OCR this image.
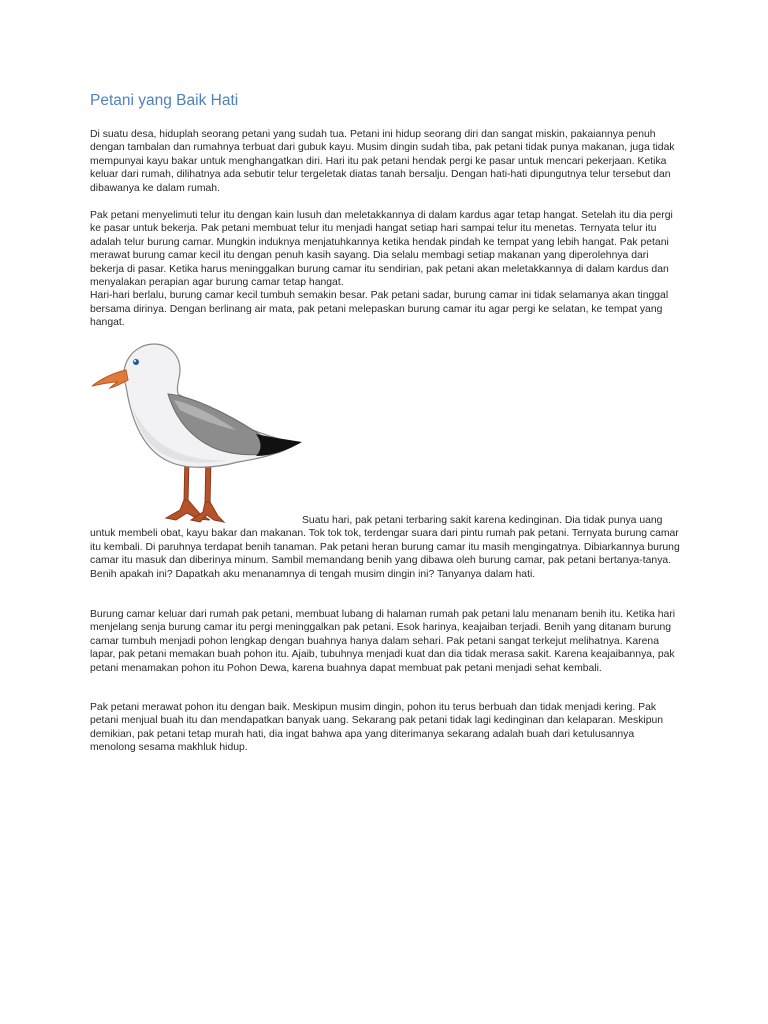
Petani yang Baik Hati

Di suatu desa, hiduplah seorang petani yang sudah tua. Petani ini hidup seorang diri dan sangat miskin, pakaiannya penuh dengan tambalan dan rumahnya terbuat dari gubuk kayu. Musim dingin sudah tiba, pak petani tidak punya makanan, juga tidak mempunyai kayu bakar untuk menghangatkan diri. Hari itu pak petani hendak pergi ke pasar untuk mencari pekerjaan. Ketika keluar dari rumah, dilihatnya ada sebutir telur tergeletak diatas tanah bersalju. Dengan hati-hati dipungutnya telur tersebut dan dibawanya ke dalam rumah.

Pak petani menyelimuti telur itu dengan kain lusuh dan meletakkannya di dalam kardus agar tetap hangat. Setelah itu dia pergi ke pasar untuk bekerja. Pak petani membuat telur itu menjadi hangat setiap hari sampai telur itu menetas. Ternyata telur itu adalah telur burung camar. Mungkin induknya menjatuhkannya ketika hendak pindah ke tempat yang lebih hangat. Pak petani merawat burung camar kecil itu dengan penuh kasih sayang. Dia selalu membagi setiap makanan yang diperolehnya dari bekerja di pasar. Ketika harus meninggalkan burung camar itu sendirian, pak petani akan meletakkannya di dalam kardus dan menyalakan perapian agar burung camar tetap hangat.
Hari-hari berlalu, burung camar kecil tumbuh semakin besar. Pak petani sadar, burung camar ini tidak selamanya akan tinggal bersama dirinya. Dengan berlinang air mata, pak petani melepaskan burung camar itu agar pergi ke selatan, ke tempat yang hangat.

Suatu hari, pak petani terbaring sakit karena kedinginan. Dia tidak punya uang untuk membeli obat, kayu bakar dan makanan. Tok tok tok, terdengar suara dari pintu rumah pak petani. Ternyata burung camar itu kembali. Di paruhnya terdapat benih tanaman. Pak petani heran burung camar itu masih mengingatnya. Dibiarkannya burung camar itu masuk dan diberinya minum. Sambil memandang benih yang dibawa oleh burung camar, pak petani bertanya-tanya. Benih apakah ini? Dapatkah aku menanamnya di tengah musim dingin ini? Tanyanya dalam hati.

Burung camar keluar dari rumah pak petani, membuat lubang di halaman rumah pak petani lalu menanam benih itu. Ketika hari menjelang senja burung camar itu pergi meninggalkan pak petani. Esok harinya, keajaiban terjadi. Benih yang ditanam burung camar tumbuh menjadi pohon lengkap dengan buahnya hanya dalam sehari. Pak petani sangat terkejut melihatnya. Karena lapar, pak petani memakan buah pohon itu. Ajaib, tubuhnya menjadi kuat dan dia tidak merasa sakit. Karena keajaibannya, pak petani menamakan pohon itu Pohon Dewa, karena buahnya dapat membuat pak petani menjadi sehat kembali.

Pak petani merawat pohon itu dengan baik. Meskipun musim dingin, pohon itu terus berbuah dan tidak menjadi kering. Pak petani menjual buah itu dan mendapatkan banyak uang. Sekarang pak petani tidak lagi kedinginan dan kelaparan. Meskipun demikian, pak petani tetap murah hati, dia ingat bahwa apa yang diterimanya sekarang adalah buah dari ketulusannya menolong sesama makhluk hidup.
